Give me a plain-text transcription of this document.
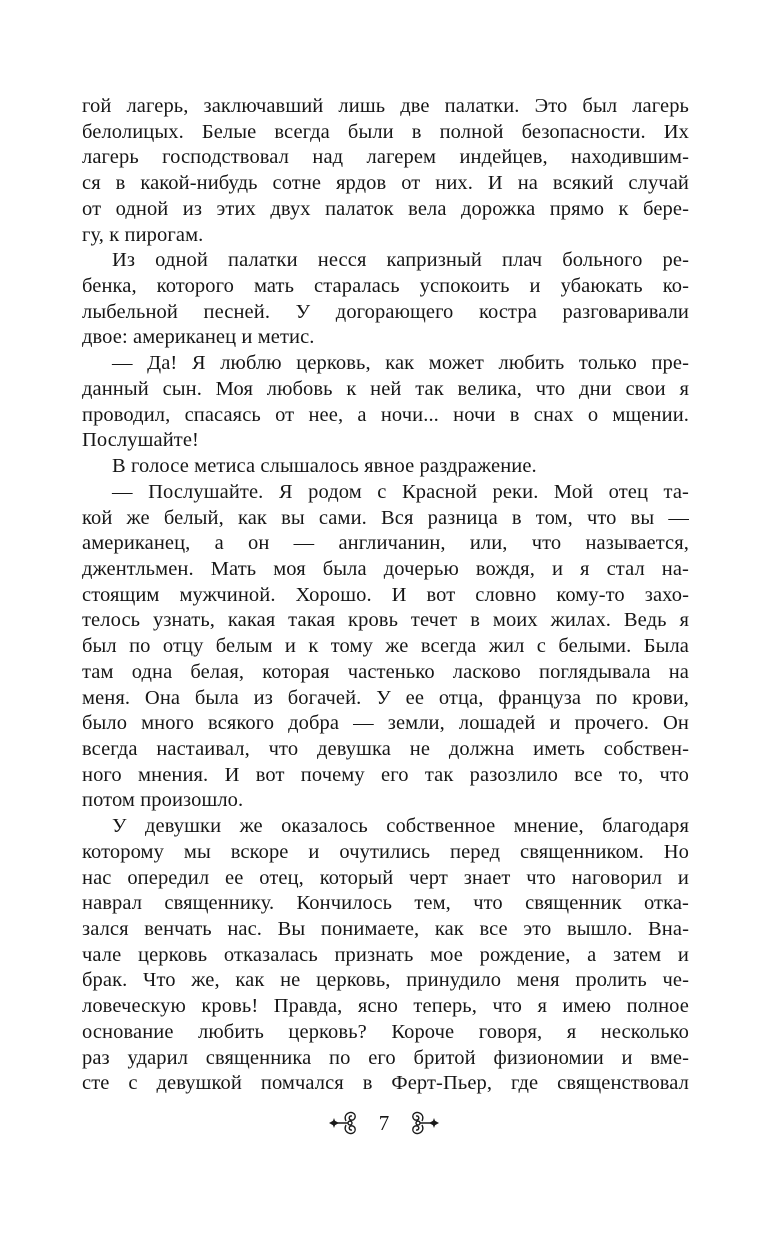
гой лагерь, заключавший лишь две палатки. Это был лагерь
белолицых. Белые всегда были в полной безопасности. Их
лагерь господствовал над лагерем индейцев, находившим-
ся в какой-нибудь сотне ярдов от них. И на всякий случай
от одной из этих двух палаток вела дорожка прямо к бере-
гу, к пирогам.
Из одной палатки несся капризный плач больного ре-
бенка, которого мать старалась успокоить и убаюкать ко-
лыбельной песней. У догорающего костра разговаривали
двое: американец и метис.
— Да! Я люблю церковь, как может любить только пре-
данный сын. Моя любовь к ней так велика, что дни свои я
проводил, спасаясь от нее, а ночи... ночи в снах о мщении.
Послушайте!
В голосе метиса слышалось явное раздражение.
— Послушайте. Я родом с Красной реки. Мой отец та-
кой же белый, как вы сами. Вся разница в том, что вы —
американец, а он — англичанин, или, что называется,
джентльмен. Мать моя была дочерью вождя, и я стал на-
стоящим мужчиной. Хорошо. И вот словно кому-то захо-
телось узнать, какая такая кровь течет в моих жилах. Ведь я
был по отцу белым и к тому же всегда жил с белыми. Была
там одна белая, которая частенько ласково поглядывала на
меня. Она была из богачей. У ее отца, француза по крови,
было много всякого добра — земли, лошадей и прочего. Он
всегда настаивал, что девушка не должна иметь собствен-
ного мнения. И вот почему его так разозлило все то, что
потом произошло.
У девушки же оказалось собственное мнение, благодаря
которому мы вскоре и очутились перед священником. Но
нас опередил ее отец, который черт знает что наговорил и
наврал священнику. Кончилось тем, что священник отка-
зался венчать нас. Вы понимаете, как все это вышло. Вна-
чале церковь отказалась признать мое рождение, а затем и
брак. Что же, как не церковь, принудило меня пролить че-
ловеческую кровь! Правда, ясно теперь, что я имею полное
основание любить церковь? Короче говоря, я несколько
раз ударил священника по его бритой физиономии и вме-
сте с девушкой помчался в Ферт-Пьер, где священствовал
7
